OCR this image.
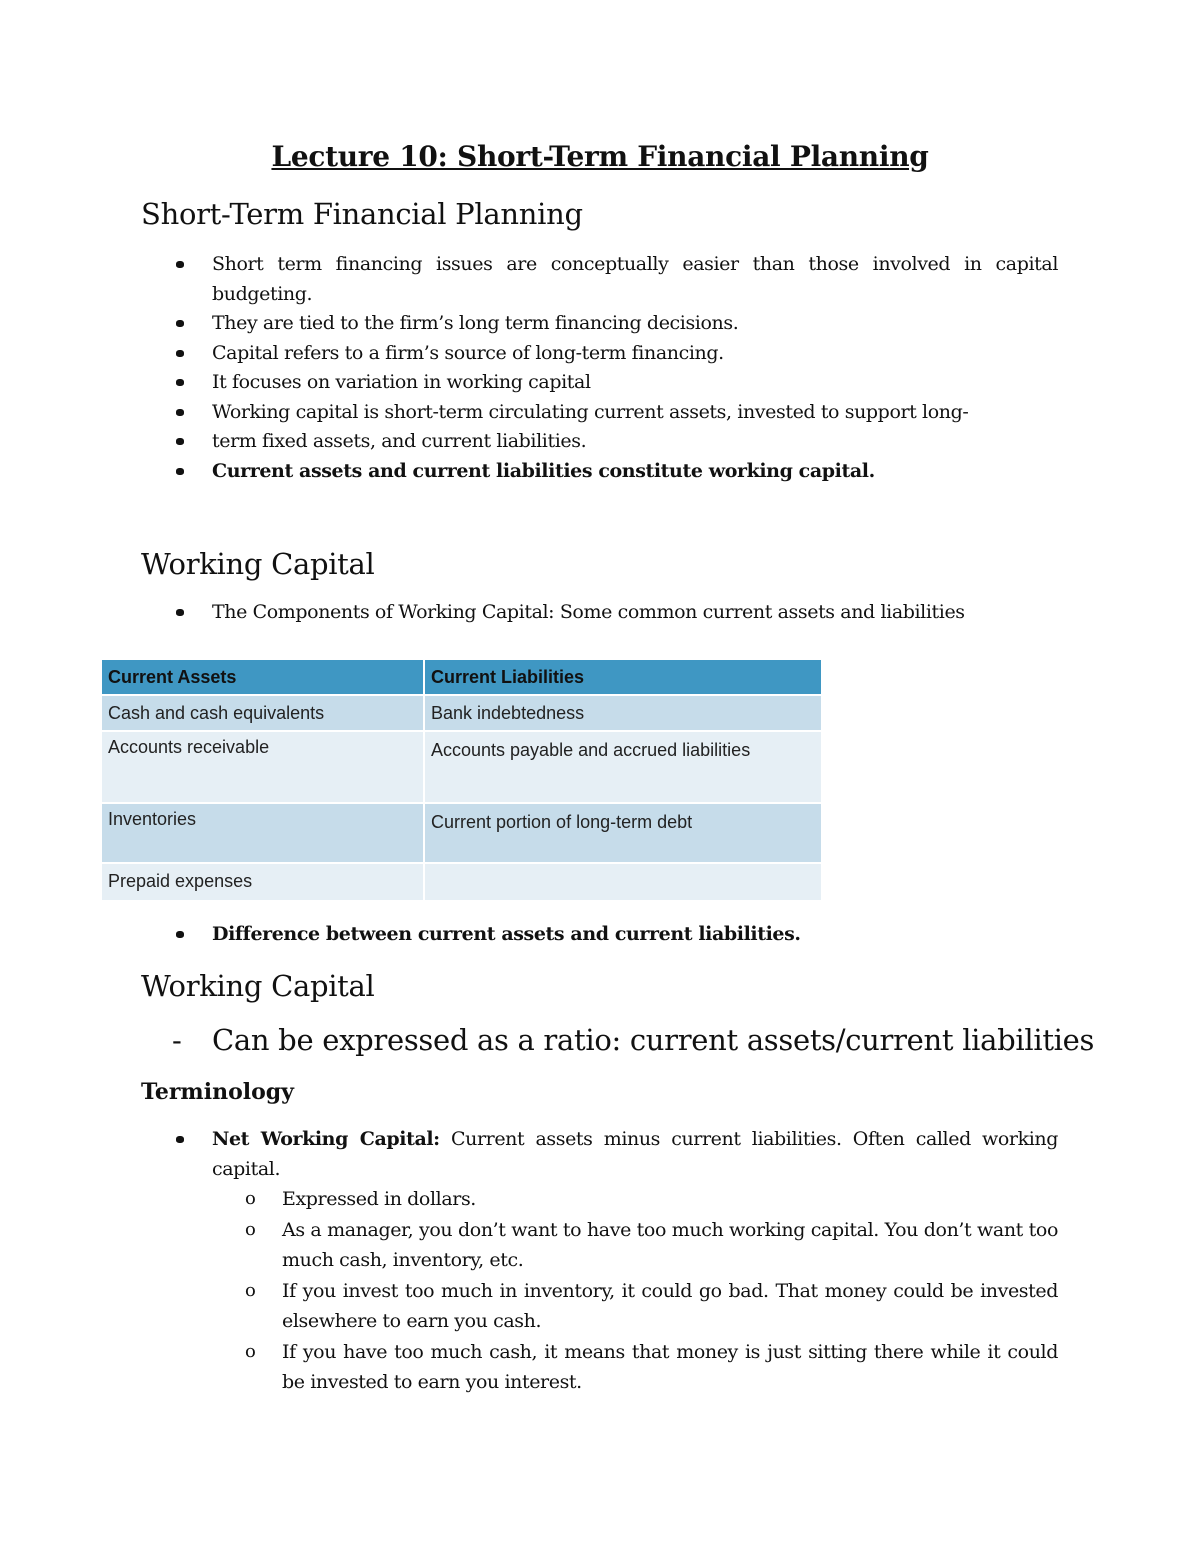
Lecture 10: Short-Term Financial Planning
Short-Term Financial Planning
Short term financing issues are conceptually easier than those involved in capital budgeting.
They are tied to the firm’s long term financing decisions.
Capital refers to a firm’s source of long-term financing.
It focuses on variation in working capital
Working capital is short-term circulating current assets, invested to support long-
term fixed assets, and current liabilities.
Current assets and current liabilities constitute working capital.
Working Capital
The Components of Working Capital: Some common current assets and liabilities
Current Assets	Current Liabilities
Cash and cash equivalents	Bank indebtedness
Accounts receivable	Accounts payable and accrued liabilities
Inventories	Current portion of long-term debt
Prepaid expenses	
Difference between current assets and current liabilities.
Working Capital
- Can be expressed as a ratio: current assets/current liabilities
Terminology
Net Working Capital: Current assets minus current liabilities. Often called working capital.
o Expressed in dollars.
o As a manager, you don’t want to have too much working capital. You don’t want too much cash, inventory, etc.
o If you invest too much in inventory, it could go bad. That money could be invested elsewhere to earn you cash.
o If you have too much cash, it means that money is just sitting there while it could be invested to earn you interest.
